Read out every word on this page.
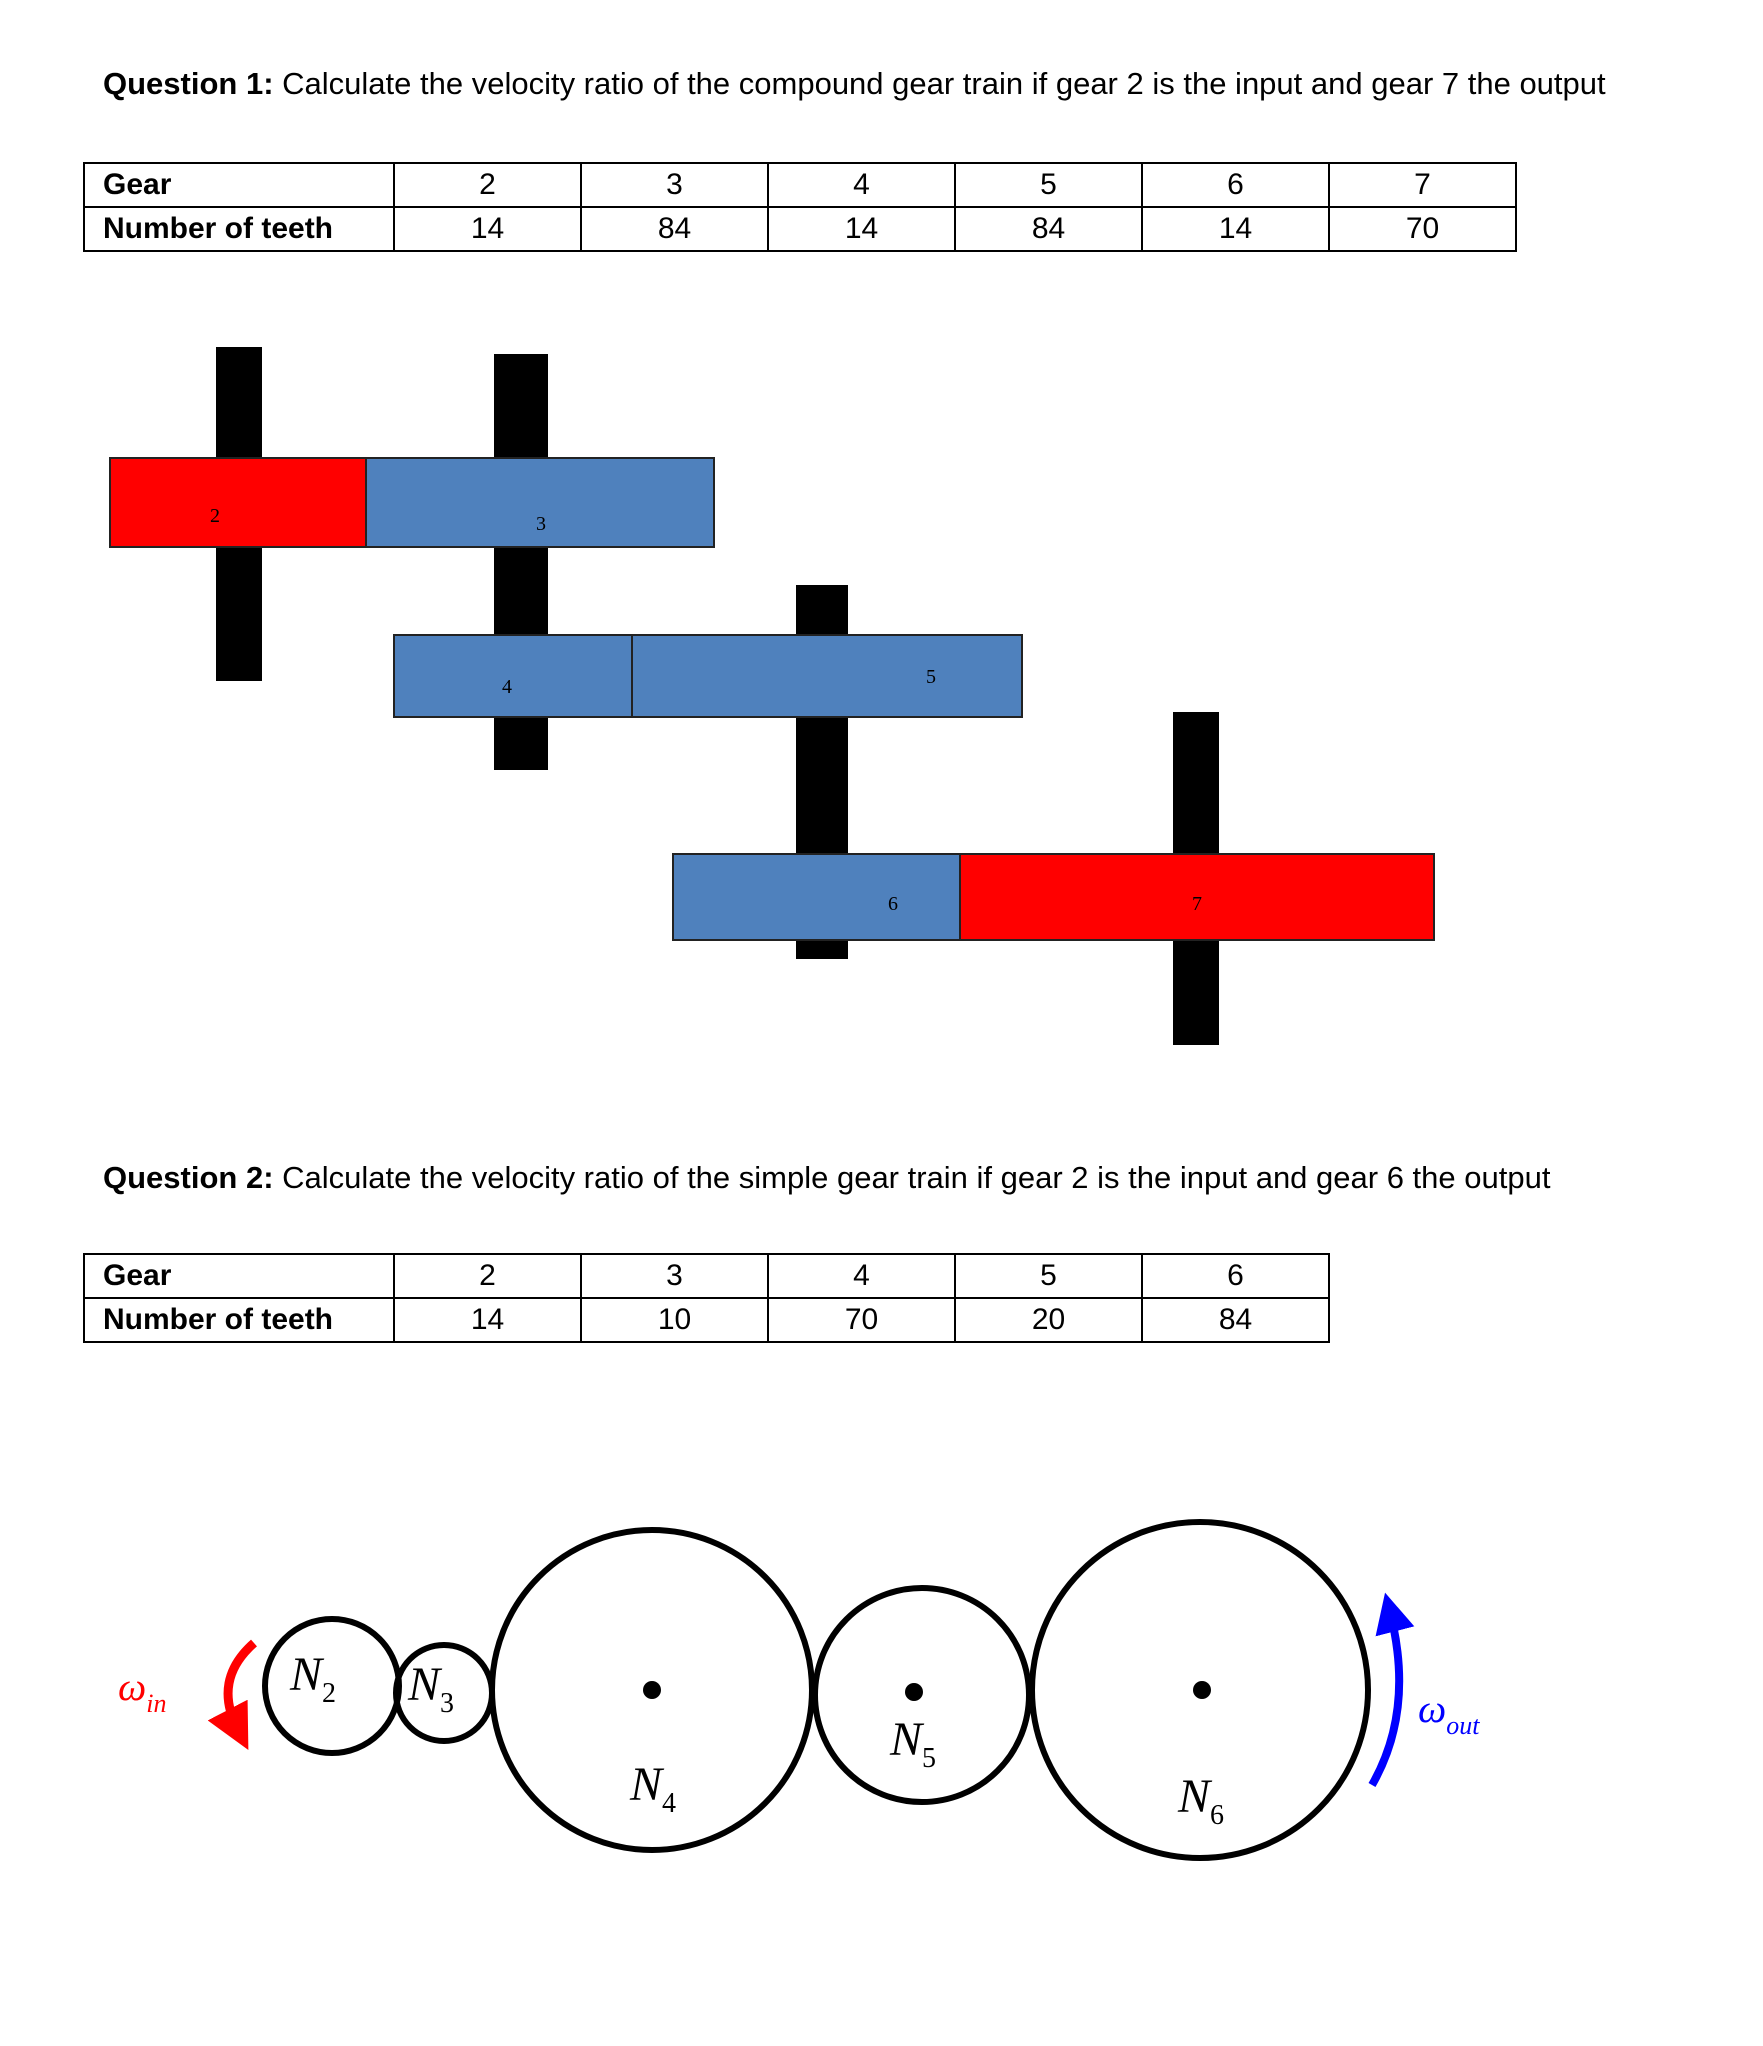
Question 1: Calculate the velocity ratio of the compound gear train if gear 2 is the input and gear 7 the output
Gear	2	3	4	5	6	7
Number of teeth	14	84	14	84	14	70
2	3
4	5
6	7
Question 2: Calculate the velocity ratio of the simple gear train if gear 2 is the input and gear 6 the output
Gear	2	3	4	5	6
Number of teeth	14	10	70	20	84
$N_2$ $N_3$
$N_4$
$N_5$
$N_6$
$\omega_{in}$	$\omega_{out}$
